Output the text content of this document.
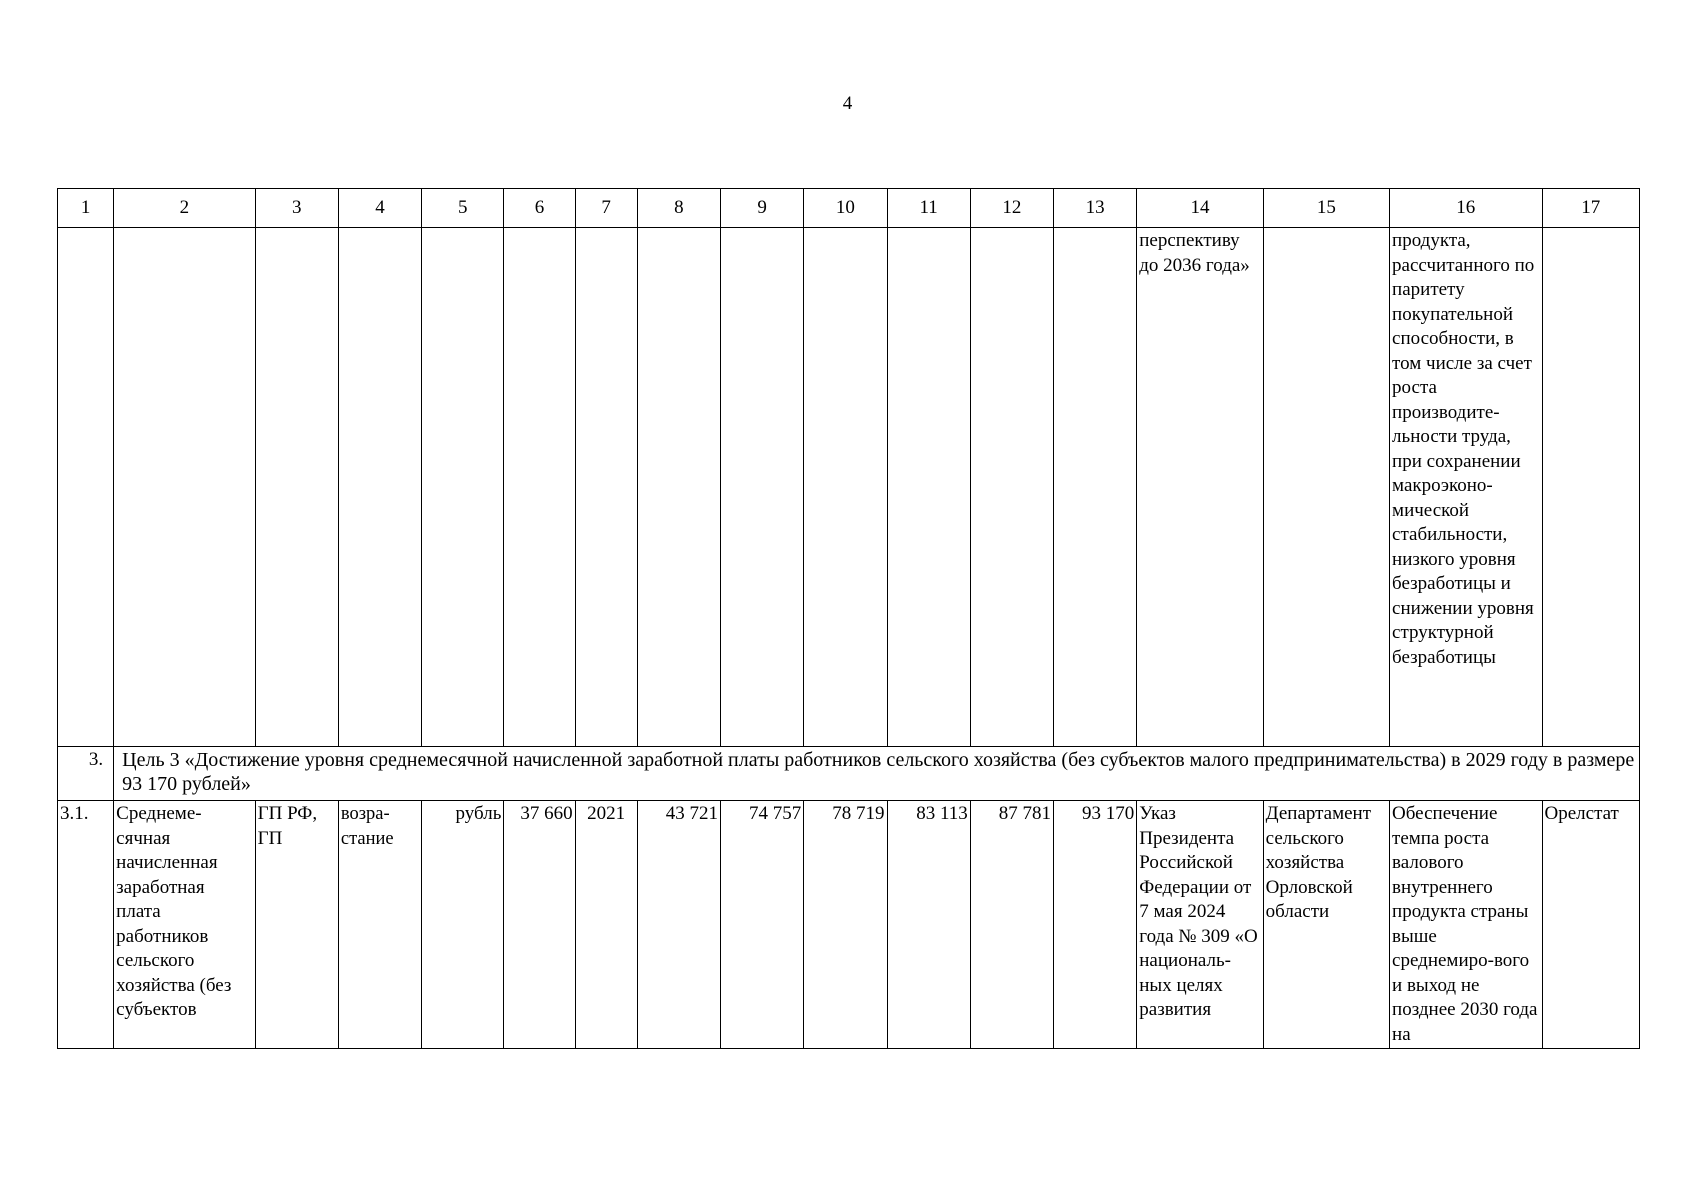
4
1	2	3	4	5	6	7	8	9	10	11	12	13	14	15	16	17
													перспективу до 2036 года»		продукта, рассчитанного по паритету покупательной способности, в том числе за счет роста производите-льности труда, при сохранении макроэконо-мической стабильности, низкого уровня безработицы и снижении уровня структурной безработицы	
3.	Цель 3 «Достижение уровня среднемесячной начисленной заработной платы работников сельского хозяйства (без субъектов малого предпринимательства) в 2029 году в размере 93 170 рублей»															
3.1.	Среднеме-сячная начисленная заработная плата работников сельского хозяйства (без субъектов	ГП РФ, ГП	возра-стание	рубль	37 660	2021	43 721	74 757	78 719	83 113	87 781	93 170	Указ Президента Российской Федерации от 7 мая 2024 года № 309 «О националь-ных целях развития	Департамент сельского хозяйства Орловской области	Обеспечение темпа роста валового внутреннего продукта страны выше среднемиро-вого и выход не позднее 2030 года на	Орелстат
